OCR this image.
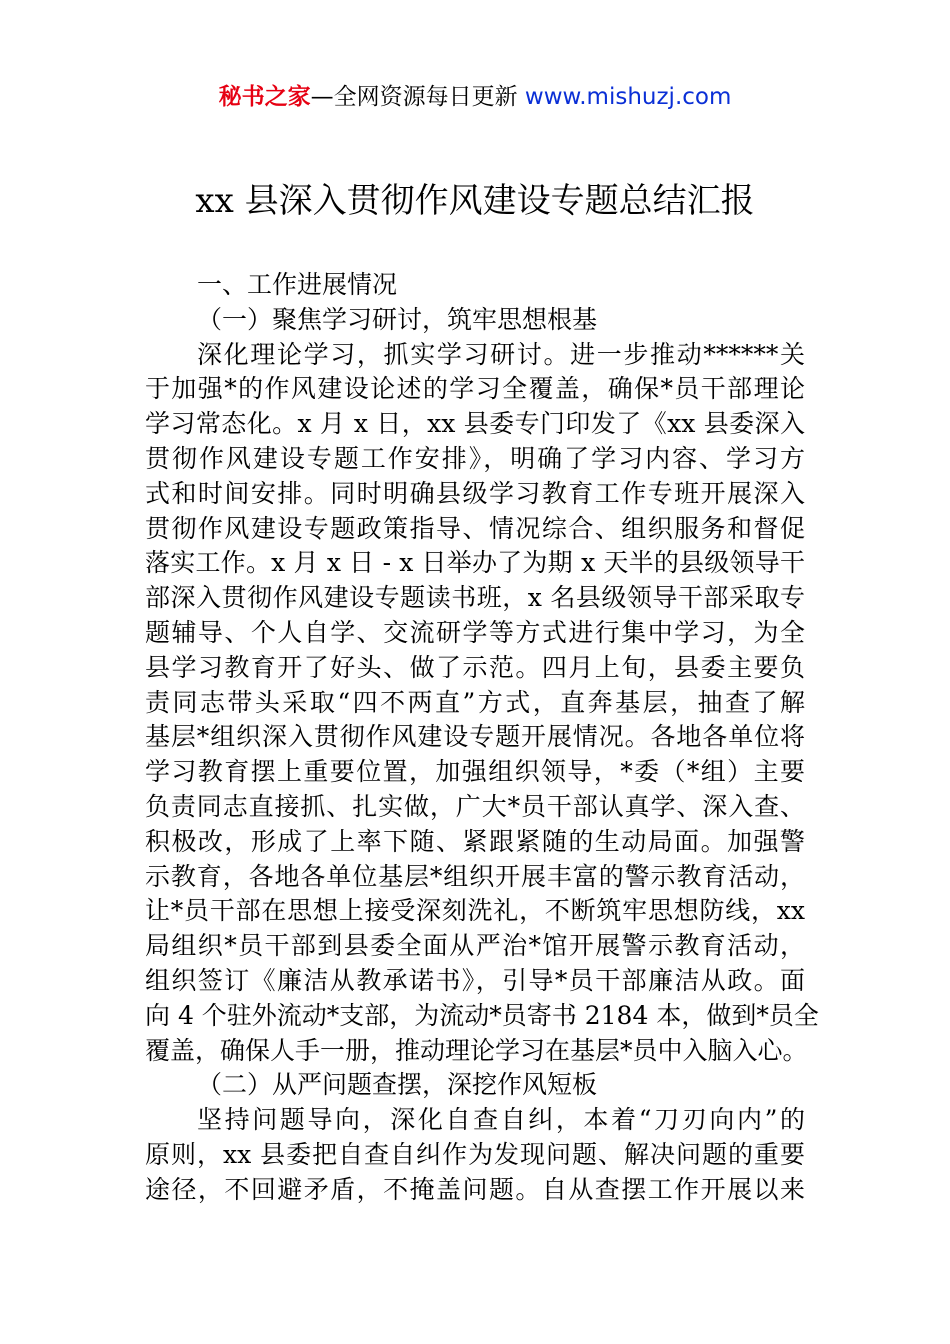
秘书之家—全网资源每日更新 www.mishuzj.com
xx 县深入贯彻作风建设专题总结汇报
一、工作进展情况
（一）聚焦学习研讨，筑牢思想根基
深化理论学习，抓实学习研讨。进一步推动******关
于加强*的作风建设论述的学习全覆盖，确保*员干部理论
学习常态化。x 月 x 日，xx 县委专门印发了《xx 县委深入
贯彻作风建设专题工作安排》，明确了学习内容、学习方
式和时间安排。同时明确县级学习教育工作专班开展深入
贯彻作风建设专题政策指导、情况综合、组织服务和督促
落实工作。x 月 x 日 - x 日举办了为期 x 天半的县级领导干
部深入贯彻作风建设专题读书班，x 名县级领导干部采取专
题辅导、个人自学、交流研学等方式进行集中学习，为全
县学习教育开了好头、做了示范。四月上旬，县委主要负
责同志带头采取“四不两直”方式，直奔基层，抽查了解
基层*组织深入贯彻作风建设专题开展情况。各地各单位将
学习教育摆上重要位置，加强组织领导，*委（*组）主要
负责同志直接抓、扎实做，广大*员干部认真学、深入查、
积极改，形成了上率下随、紧跟紧随的生动局面。加强警
示教育，各地各单位基层*组织开展丰富的警示教育活动，
让*员干部在思想上接受深刻洗礼，不断筑牢思想防线，xx
局组织*员干部到县委全面从严治*馆开展警示教育活动，
组织签订《廉洁从教承诺书》，引导*员干部廉洁从政。面
向 4 个驻外流动*支部，为流动*员寄书 2184 本，做到*员全
覆盖，确保人手一册，推动理论学习在基层*员中入脑入心。
（二）从严问题查摆，深挖作风短板
坚持问题导向，深化自查自纠，本着“刀刃向内”的
原则，xx 县委把自查自纠作为发现问题、解决问题的重要
途径，不回避矛盾，不掩盖问题。自从查摆工作开展以来
